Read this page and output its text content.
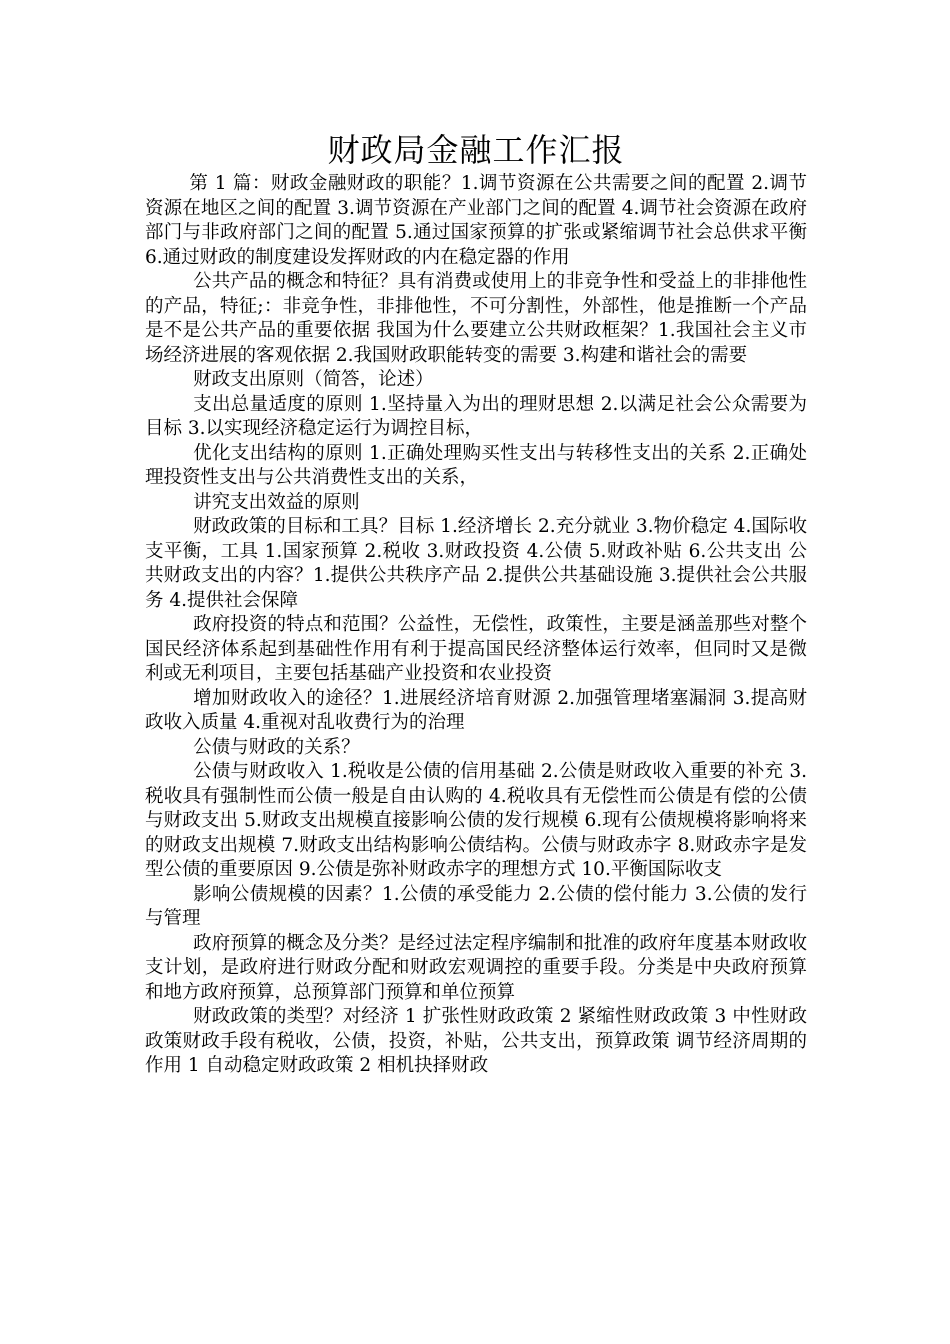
财政局金融工作汇报

第 1 篇：财政金融财政的职能？1.调节资源在公共需要之间的配置 2.调节资源在地区之间的配置 3.调节资源在产业部门之间的配置 4.调节社会资源在政府部门与非政府部门之间的配置 5.通过国家预算的扩张或紧缩调节社会总供求平衡 6.通过财政的制度建设发挥财政的内在稳定器的作用

公共产品的概念和特征？具有消费或使用上的非竞争性和受益上的非排他性的产品，特征;：非竞争性，非排他性，不可分割性，外部性，他是推断一个产品是不是公共产品的重要依据 我国为什么要建立公共财政框架？1.我国社会主义市场经济进展的客观依据 2.我国财政职能转变的需要 3.构建和谐社会的需要

财政支出原则（简答，论述）

支出总量适度的原则 1.坚持量入为出的理财思想 2.以满足社会公众需要为目标 3.以实现经济稳定运行为调控目标，

优化支出结构的原则 1.正确处理购买性支出与转移性支出的关系 2.正确处理投资性支出与公共消费性支出的关系，

讲究支出效益的原则

财政政策的目标和工具？目标 1.经济增长 2.充分就业 3.物价稳定 4.国际收支平衡，工具 1.国家预算 2.税收 3.财政投资 4.公债 5.财政补贴 6.公共支出 公共财政支出的内容？1.提供公共秩序产品 2.提供公共基础设施 3.提供社会公共服务 4.提供社会保障

政府投资的特点和范围？公益性，无偿性，政策性，主要是涵盖那些对整个国民经济体系起到基础性作用有利于提高国民经济整体运行效率，但同时又是微利或无利项目，主要包括基础产业投资和农业投资

增加财政收入的途径？1.进展经济培育财源 2.加强管理堵塞漏洞 3.提高财政收入质量 4.重视对乱收费行为的治理

公债与财政的关系？

公债与财政收入 1.税收是公债的信用基础 2.公债是财政收入重要的补充 3.税收具有强制性而公债一般是自由认购的 4.税收具有无偿性而公债是有偿的公债与财政支出 5.财政支出规模直接影响公债的发行规模 6.现有公债规模将影响将来的财政支出规模 7.财政支出结构影响公债结构。公债与财政赤字 8.财政赤字是发型公债的重要原因 9.公债是弥补财政赤字的理想方式 10.平衡国际收支

影响公债规模的因素？1.公债的承受能力 2.公债的偿付能力 3.公债的发行与管理

政府预算的概念及分类？是经过法定程序编制和批准的政府年度基本财政收支计划，是政府进行财政分配和财政宏观调控的重要手段。分类是中央政府预算和地方政府预算，总预算部门预算和单位预算

财政政策的类型？对经济 1 扩张性财政政策 2 紧缩性财政政策 3 中性财政政策财政手段有税收，公债，投资，补贴，公共支出，预算政策 调节经济周期的作用 1 自动稳定财政政策 2 相机抉择财政
